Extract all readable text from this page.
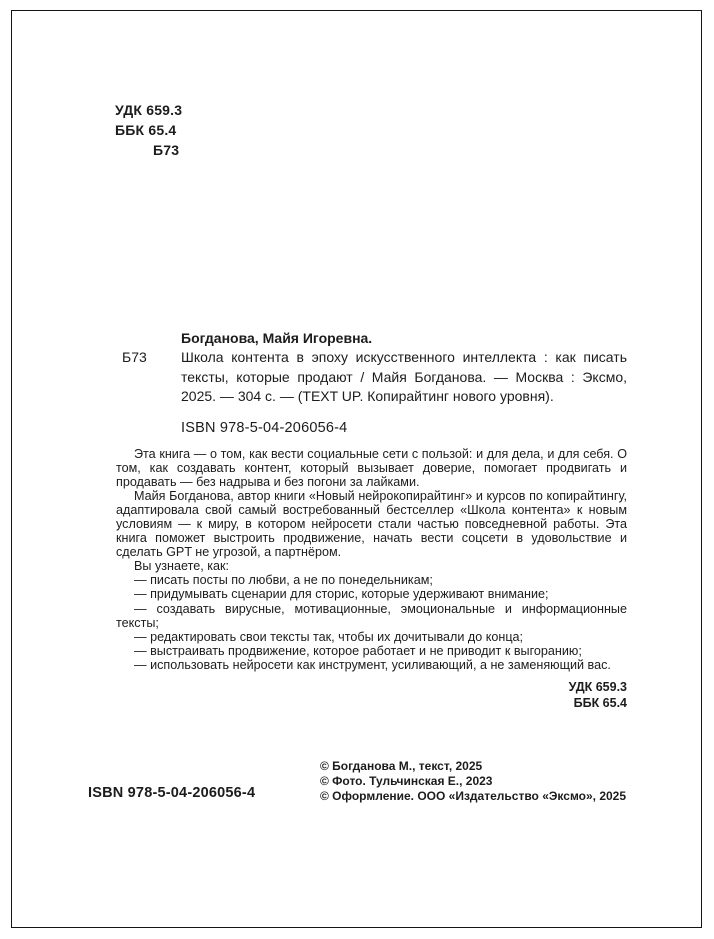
УДК 659.3
ББК 65.4
Б73

Богданова, Майя Игоревна.

Б73 Школа контента в эпоху искусственного интеллекта : как писать тексты, которые продают / Майя Богданова. — Москва : Эксмо, 2025. — 304 с. — (TEXT UP. Копирайтинг нового уровня).

ISBN 978-5-04-206056-4

Эта книга — о том, как вести социальные сети с пользой: и для дела, и для себя. О том, как создавать контент, который вызывает доверие, помогает продвигать и продавать — без надрыва и без погони за лайками.

Майя Богданова, автор книги «Новый нейрокопирайтинг» и курсов по копирайтингу, адаптировала свой самый востребованный бестселлер «Школа контента» к новым условиям — к миру, в котором нейросети стали частью повседневной работы. Эта книга поможет выстроить продвижение, начать вести соцсети в удовольствие и сделать GPT не угрозой, а партнёром.

Вы узнаете, как:

— писать посты по любви, а не по понедельникам;

— придумывать сценарии для сторис, которые удерживают внимание;

— создавать вирусные, мотивационные, эмоциональные и информационные тексты;

— редактировать свои тексты так, чтобы их дочитывали до конца;

— выстраивать продвижение, которое работает и не приводит к выгоранию;

— использовать нейросети как инструмент, усиливающий, а не заменяющий вас.

УДК 659.3
ББК 65.4
ISBN 978-5-04-206056-4
© Богданова М., текст, 2025
© Фото. Тульчинская Е., 2023
© Оформление. ООО «Издательство «Эксмо», 2025
